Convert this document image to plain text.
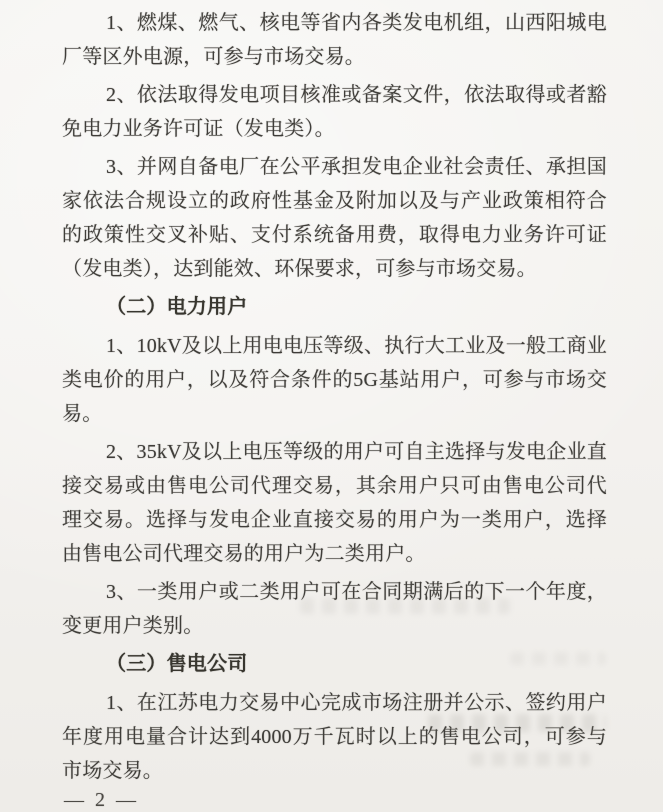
1、燃煤、燃气、核电等省内各类发电机组，山西阳城电厂等区外电源，可参与市场交易。

2、依法取得发电项目核准或备案文件，依法取得或者豁免电力业务许可证（发电类）。

3、并网自备电厂在公平承担发电企业社会责任、承担国家依法合规设立的政府性基金及附加以及与产业政策相符合的政策性交叉补贴、支付系统备用费，取得电力业务许可证（发电类），达到能效、环保要求，可参与市场交易。

（二）电力用户

1、10kV及以上用电电压等级、执行大工业及一般工商业类电价的用户，以及符合条件的5G基站用户，可参与市场交易。

2、35kV及以上电压等级的用户可自主选择与发电企业直接交易或由售电公司代理交易，其余用户只可由售电公司代理交易。选择与发电企业直接交易的用户为一类用户，选择由售电公司代理交易的用户为二类用户。

3、一类用户或二类用户可在合同期满后的下一个年度，变更用户类别。

（三）售电公司

1、在江苏电力交易中心完成市场注册并公示、签约用户年度用电量合计达到4000万千瓦时以上的售电公司，可参与市场交易。

— 2 —
